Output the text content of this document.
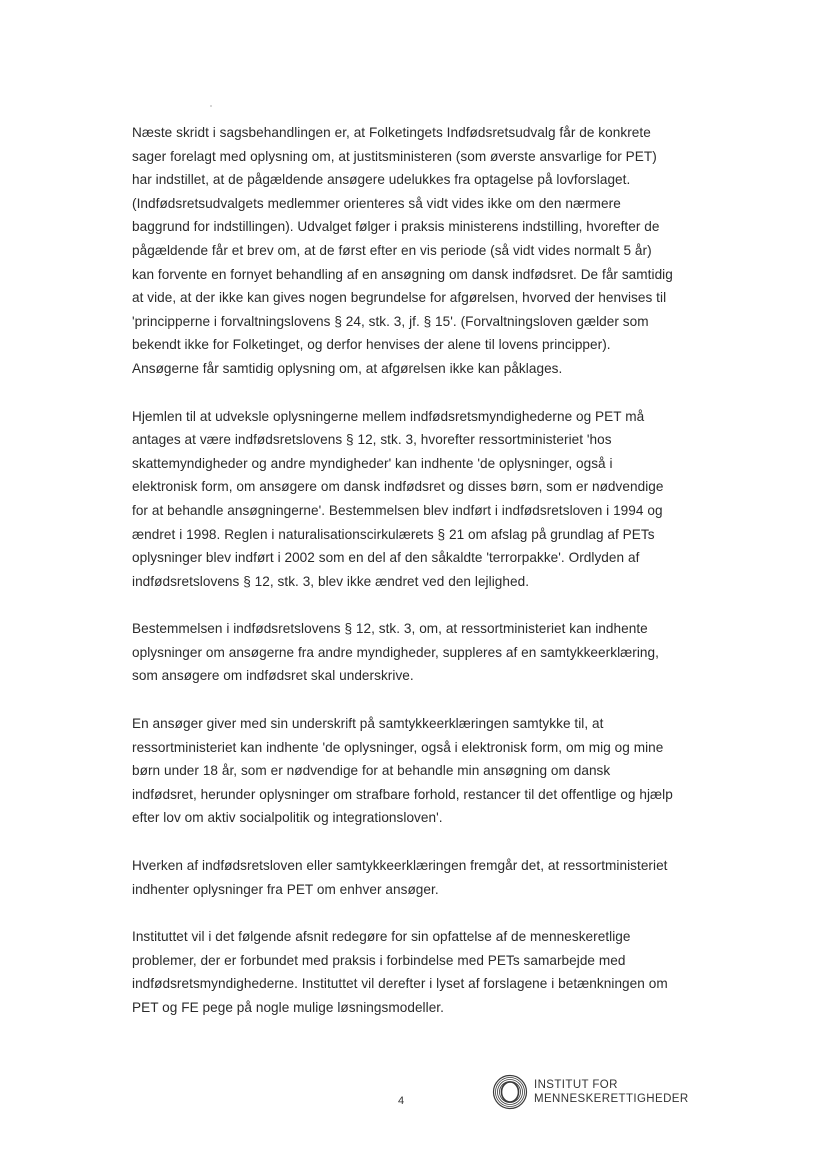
Næste skridt i sagsbehandlingen er, at Folketingets Indfødsretsudvalg får de konkrete
sager forelagt med oplysning om, at justitsministeren (som øverste ansvarlige for PET)
har indstillet, at de pågældende ansøgere udelukkes fra optagelse på lovforslaget.
(Indfødsretsudvalgets medlemmer orienteres så vidt vides ikke om den nærmere
baggrund for indstillingen). Udvalget følger i praksis ministerens indstilling, hvorefter de
pågældende får et brev om, at de først efter en vis periode (så vidt vides normalt 5 år)
kan forvente en fornyet behandling af en ansøgning om dansk indfødsret. De får samtidig
at vide, at der ikke kan gives nogen begrundelse for afgørelsen, hvorved der henvises til
'principperne i forvaltningslovens § 24, stk. 3, jf. § 15'. (Forvaltningsloven gælder som
bekendt ikke for Folketinget, og derfor henvises der alene til lovens principper).
Ansøgerne får samtidig oplysning om, at afgørelsen ikke kan påklages.

Hjemlen til at udveksle oplysningerne mellem indfødsretsmyndighederne og PET må
antages at være indfødsretslovens § 12, stk. 3, hvorefter ressortministeriet 'hos
skattemyndigheder og andre myndigheder' kan indhente 'de oplysninger, også i
elektronisk form, om ansøgere om dansk indfødsret og disses børn, som er nødvendige
for at behandle ansøgningerne'. Bestemmelsen blev indført i indfødsretsloven i 1994 og
ændret i 1998. Reglen i naturalisationscirkulærets § 21 om afslag på grundlag af PETs
oplysninger blev indført i 2002 som en del af den såkaldte 'terrorpakke'. Ordlyden af
indfødsretslovens § 12, stk. 3, blev ikke ændret ved den lejlighed.

Bestemmelsen i indfødsretslovens § 12, stk. 3, om, at ressortministeriet kan indhente
oplysninger om ansøgerne fra andre myndigheder, suppleres af en samtykkeerklæring,
som ansøgere om indfødsret skal underskrive.

En ansøger giver med sin underskrift på samtykkeerklæringen samtykke til, at
ressortministeriet kan indhente 'de oplysninger, også i elektronisk form, om mig og mine
børn under 18 år, som er nødvendige for at behandle min ansøgning om dansk
indfødsret, herunder oplysninger om strafbare forhold, restancer til det offentlige og hjælp
efter lov om aktiv socialpolitik og integrationsloven'.

Hverken af indfødsretsloven eller samtykkeerklæringen fremgår det, at ressortministeriet
indhenter oplysninger fra PET om enhver ansøger.

Instituttet vil i det følgende afsnit redegøre for sin opfattelse af de menneskeretlige
problemer, der er forbundet med praksis i forbindelse med PETs samarbejde med
indfødsretsmyndighederne. Instituttet vil derefter i lyset af forslagene i betænkningen om
PET og FE pege på nogle mulige løsningsmodeller.

4
INSTITUT FOR
MENNESKERETTIGHEDER
